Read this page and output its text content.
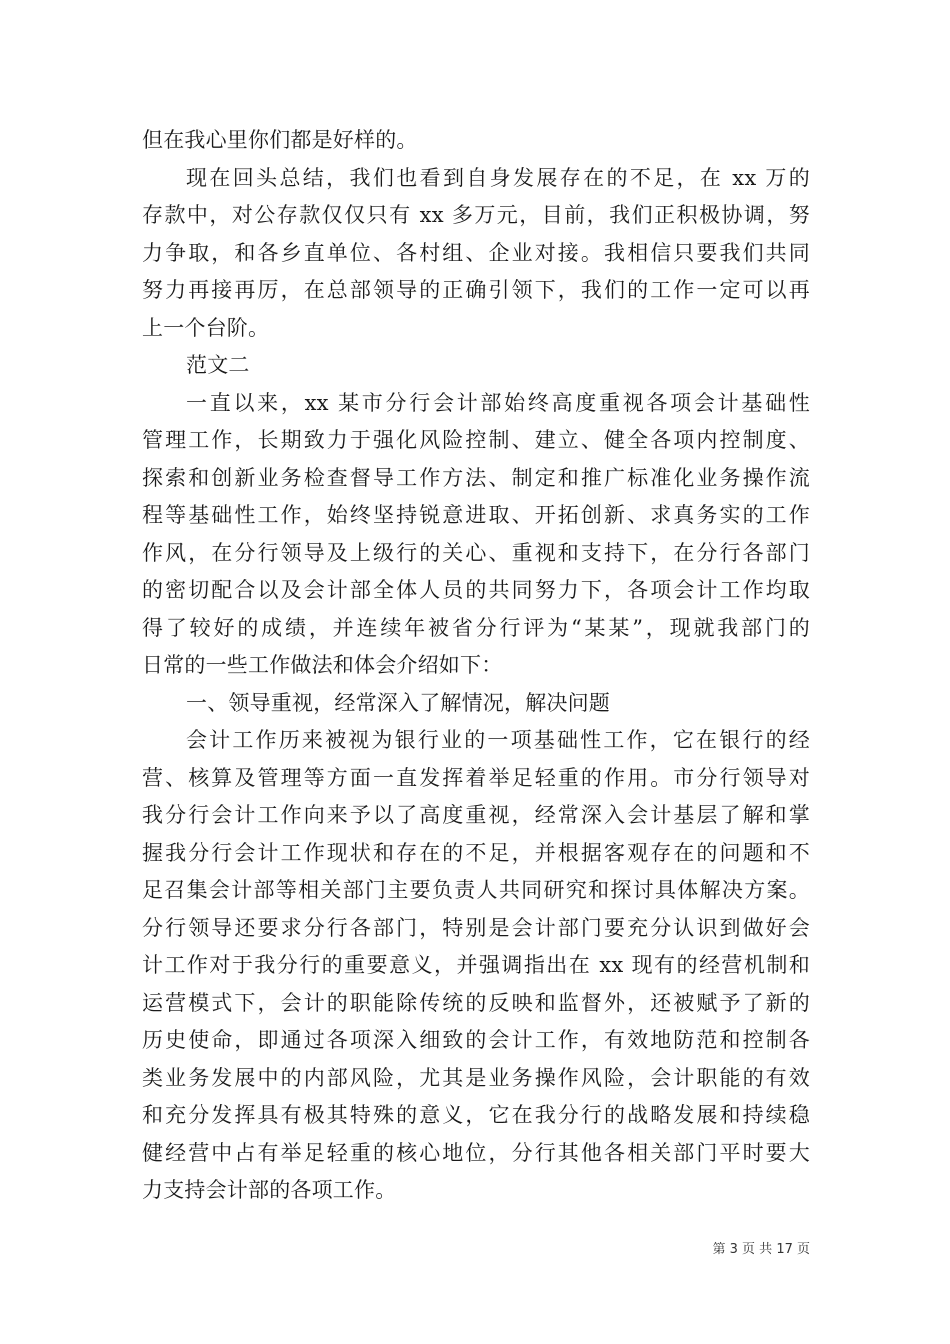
但在我心里你们都是好样的。
现在回头总结，我们也看到自身发展存在的不足，在 xx 万的
存款中，对公存款仅仅只有 xx 多万元，目前，我们正积极协调，努
力争取，和各乡直单位、各村组、企业对接。我相信只要我们共同
努力再接再厉，在总部领导的正确引领下，我们的工作一定可以再
上一个台阶。
范文二
一直以来，xx 某市分行会计部始终高度重视各项会计基础性
管理工作，长期致力于强化风险控制、建立、健全各项内控制度、
探索和创新业务检查督导工作方法、制定和推广标准化业务操作流
程等基础性工作，始终坚持锐意进取、开拓创新、求真务实的工作
作风，在分行领导及上级行的关心、重视和支持下，在分行各部门
的密切配合以及会计部全体人员的共同努力下，各项会计工作均取
得了较好的成绩，并连续年被省分行评为“某某”，现就我部门的
日常的一些工作做法和体会介绍如下：
一、领导重视，经常深入了解情况，解决问题
会计工作历来被视为银行业的一项基础性工作，它在银行的经
营、核算及管理等方面一直发挥着举足轻重的作用。市分行领导对
我分行会计工作向来予以了高度重视，经常深入会计基层了解和掌
握我分行会计工作现状和存在的不足，并根据客观存在的问题和不
足召集会计部等相关部门主要负责人共同研究和探讨具体解决方案。
分行领导还要求分行各部门，特别是会计部门要充分认识到做好会
计工作对于我分行的重要意义，并强调指出在 xx 现有的经营机制和
运营模式下，会计的职能除传统的反映和监督外，还被赋予了新的
历史使命，即通过各项深入细致的会计工作，有效地防范和控制各
类业务发展中的内部风险，尤其是业务操作风险，会计职能的有效
和充分发挥具有极其特殊的意义，它在我分行的战略发展和持续稳
健经营中占有举足轻重的核心地位，分行其他各相关部门平时要大
力支持会计部的各项工作。
第 3 页 共 17 页
